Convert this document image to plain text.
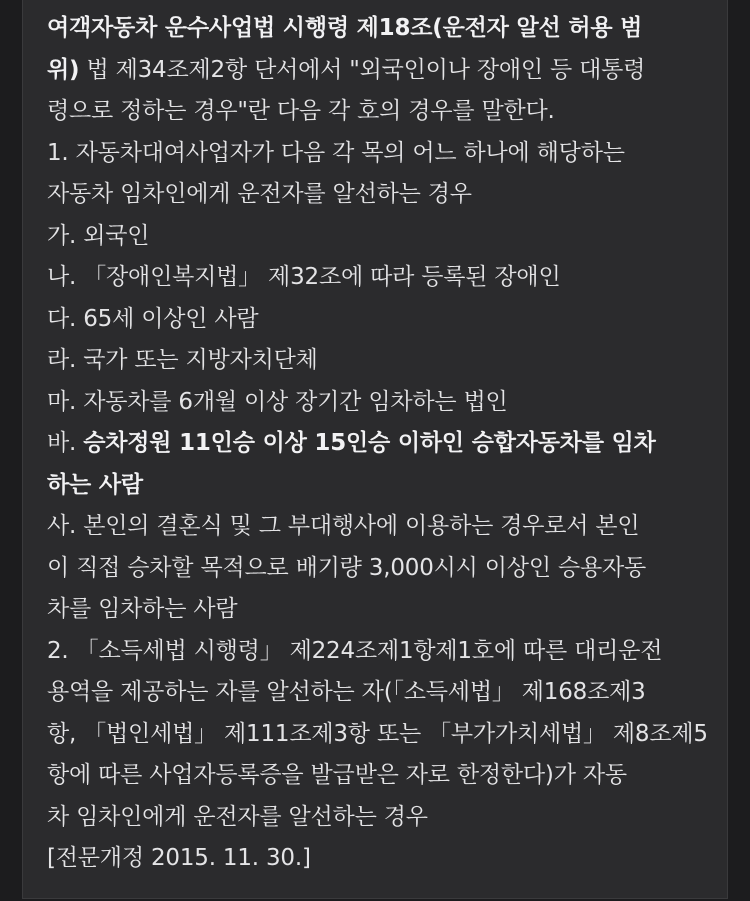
여객자동차 운수사업법 시행령 제18조(운전자 알선 허용 범
위) 법 제34조제2항 단서에서 "외국인이나 장애인 등 대통령
령으로 정하는 경우"란 다음 각 호의 경우를 말한다.
1. 자동차대여사업자가 다음 각 목의 어느 하나에 해당하는
자동차 임차인에게 운전자를 알선하는 경우
가. 외국인
나. 「장애인복지법」 제32조에 따라 등록된 장애인
다. 65세 이상인 사람
라. 국가 또는 지방자치단체
마. 자동차를 6개월 이상 장기간 임차하는 법인
바. 승차정원 11인승 이상 15인승 이하인 승합자동차를 임차
하는 사람
사. 본인의 결혼식 및 그 부대행사에 이용하는 경우로서 본인
이 직접 승차할 목적으로 배기량 3,000시시 이상인 승용자동
차를 임차하는 사람
2. 「소득세법 시행령」 제224조제1항제1호에 따른 대리운전
용역을 제공하는 자를 알선하는 자(「소득세법」 제168조제3
항, 「법인세법」 제111조제3항 또는 「부가가치세법」 제8조제5
항에 따른 사업자등록증을 발급받은 자로 한정한다)가 자동
차 임차인에게 운전자를 알선하는 경우
[전문개정 2015. 11. 30.]
